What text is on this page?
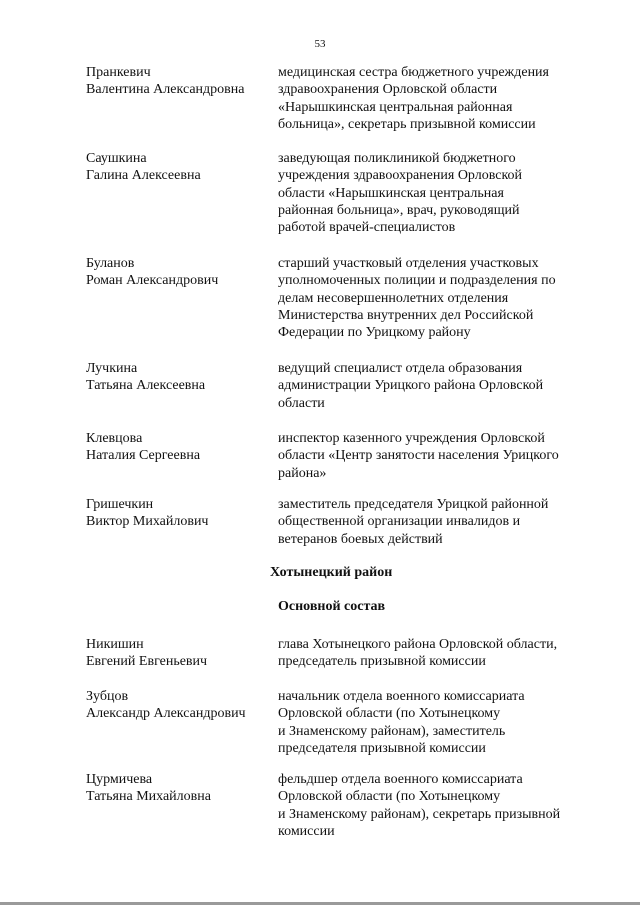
53
Пранкевич
Валентина Александровна
медицинская сестра бюджетного учреждения
здравоохранения Орловской области
«Нарышкинская центральная районная
больница», секретарь призывной комиссии
Саушкина
Галина Алексеевна
заведующая поликлиникой бюджетного
учреждения здравоохранения Орловской
области «Нарышкинская центральная
районная больница», врач, руководящий
работой врачей-специалистов
Буланов
Роман Александрович
старший участковый отделения участковых
уполномоченных полиции и подразделения по
делам несовершеннолетних отделения
Министерства внутренних дел Российской
Федерации по Урицкому району
Лучкина
Татьяна Алексеевна
ведущий специалист отдела образования
администрации Урицкого района Орловской
области
Клевцова
Наталия Сергеевна
инспектор казенного учреждения Орловской
области «Центр занятости населения Урицкого
района»
Гришечкин
Виктор Михайлович
заместитель председателя Урицкой районной
общественной организации инвалидов и
ветеранов боевых действий
Хотынецкий район
Основной состав
Никишин
Евгений Евгеньевич
глава Хотынецкого района Орловской области,
председатель призывной комиссии
Зубцов
Александр Александрович
начальник отдела военного комиссариата
Орловской области (по Хотынецкому
и Знаменскому районам), заместитель
председателя призывной комиссии
Цурмичева
Татьяна Михайловна
фельдшер отдела военного комиссариата
Орловской области (по Хотынецкому
и Знаменскому районам), секретарь призывной
комиссии
